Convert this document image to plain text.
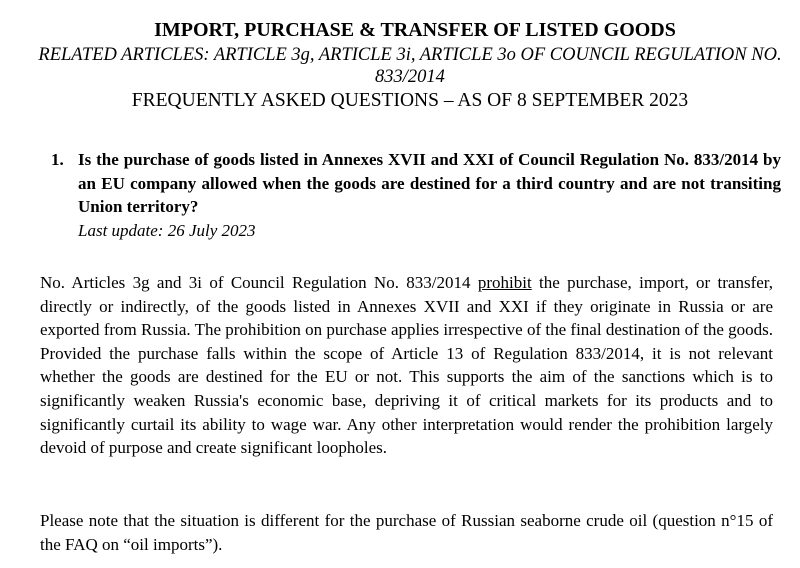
IMPORT, PURCHASE & TRANSFER OF LISTED GOODS
RELATED ARTICLES: ARTICLE 3g, ARTICLE 3i, ARTICLE 3o OF COUNCIL REGULATION NO. 833/2014
FREQUENTLY ASKED QUESTIONS – AS OF 8 SEPTEMBER 2023
1. Is the purchase of goods listed in Annexes XVII and XXI of Council Regulation No. 833/2014 by an EU company allowed when the goods are destined for a third country and are not transiting Union territory?
Last update: 26 July 2023

No. Articles 3g and 3i of Council Regulation No. 833/2014 prohibit the purchase, import, or transfer, directly or indirectly, of the goods listed in Annexes XVII and XXI if they originate in Russia or are exported from Russia. The prohibition on purchase applies irrespective of the final destination of the goods. Provided the purchase falls within the scope of Article 13 of Regulation 833/2014, it is not relevant whether the goods are destined for the EU or not. This supports the aim of the sanctions which is to significantly weaken Russia's economic base, depriving it of critical markets for its products and to significantly curtail its ability to wage war. Any other interpretation would render the prohibition largely devoid of purpose and create significant loopholes.

Please note that the situation is different for the purchase of Russian seaborne crude oil (question n°15 of the FAQ on “oil imports”).
